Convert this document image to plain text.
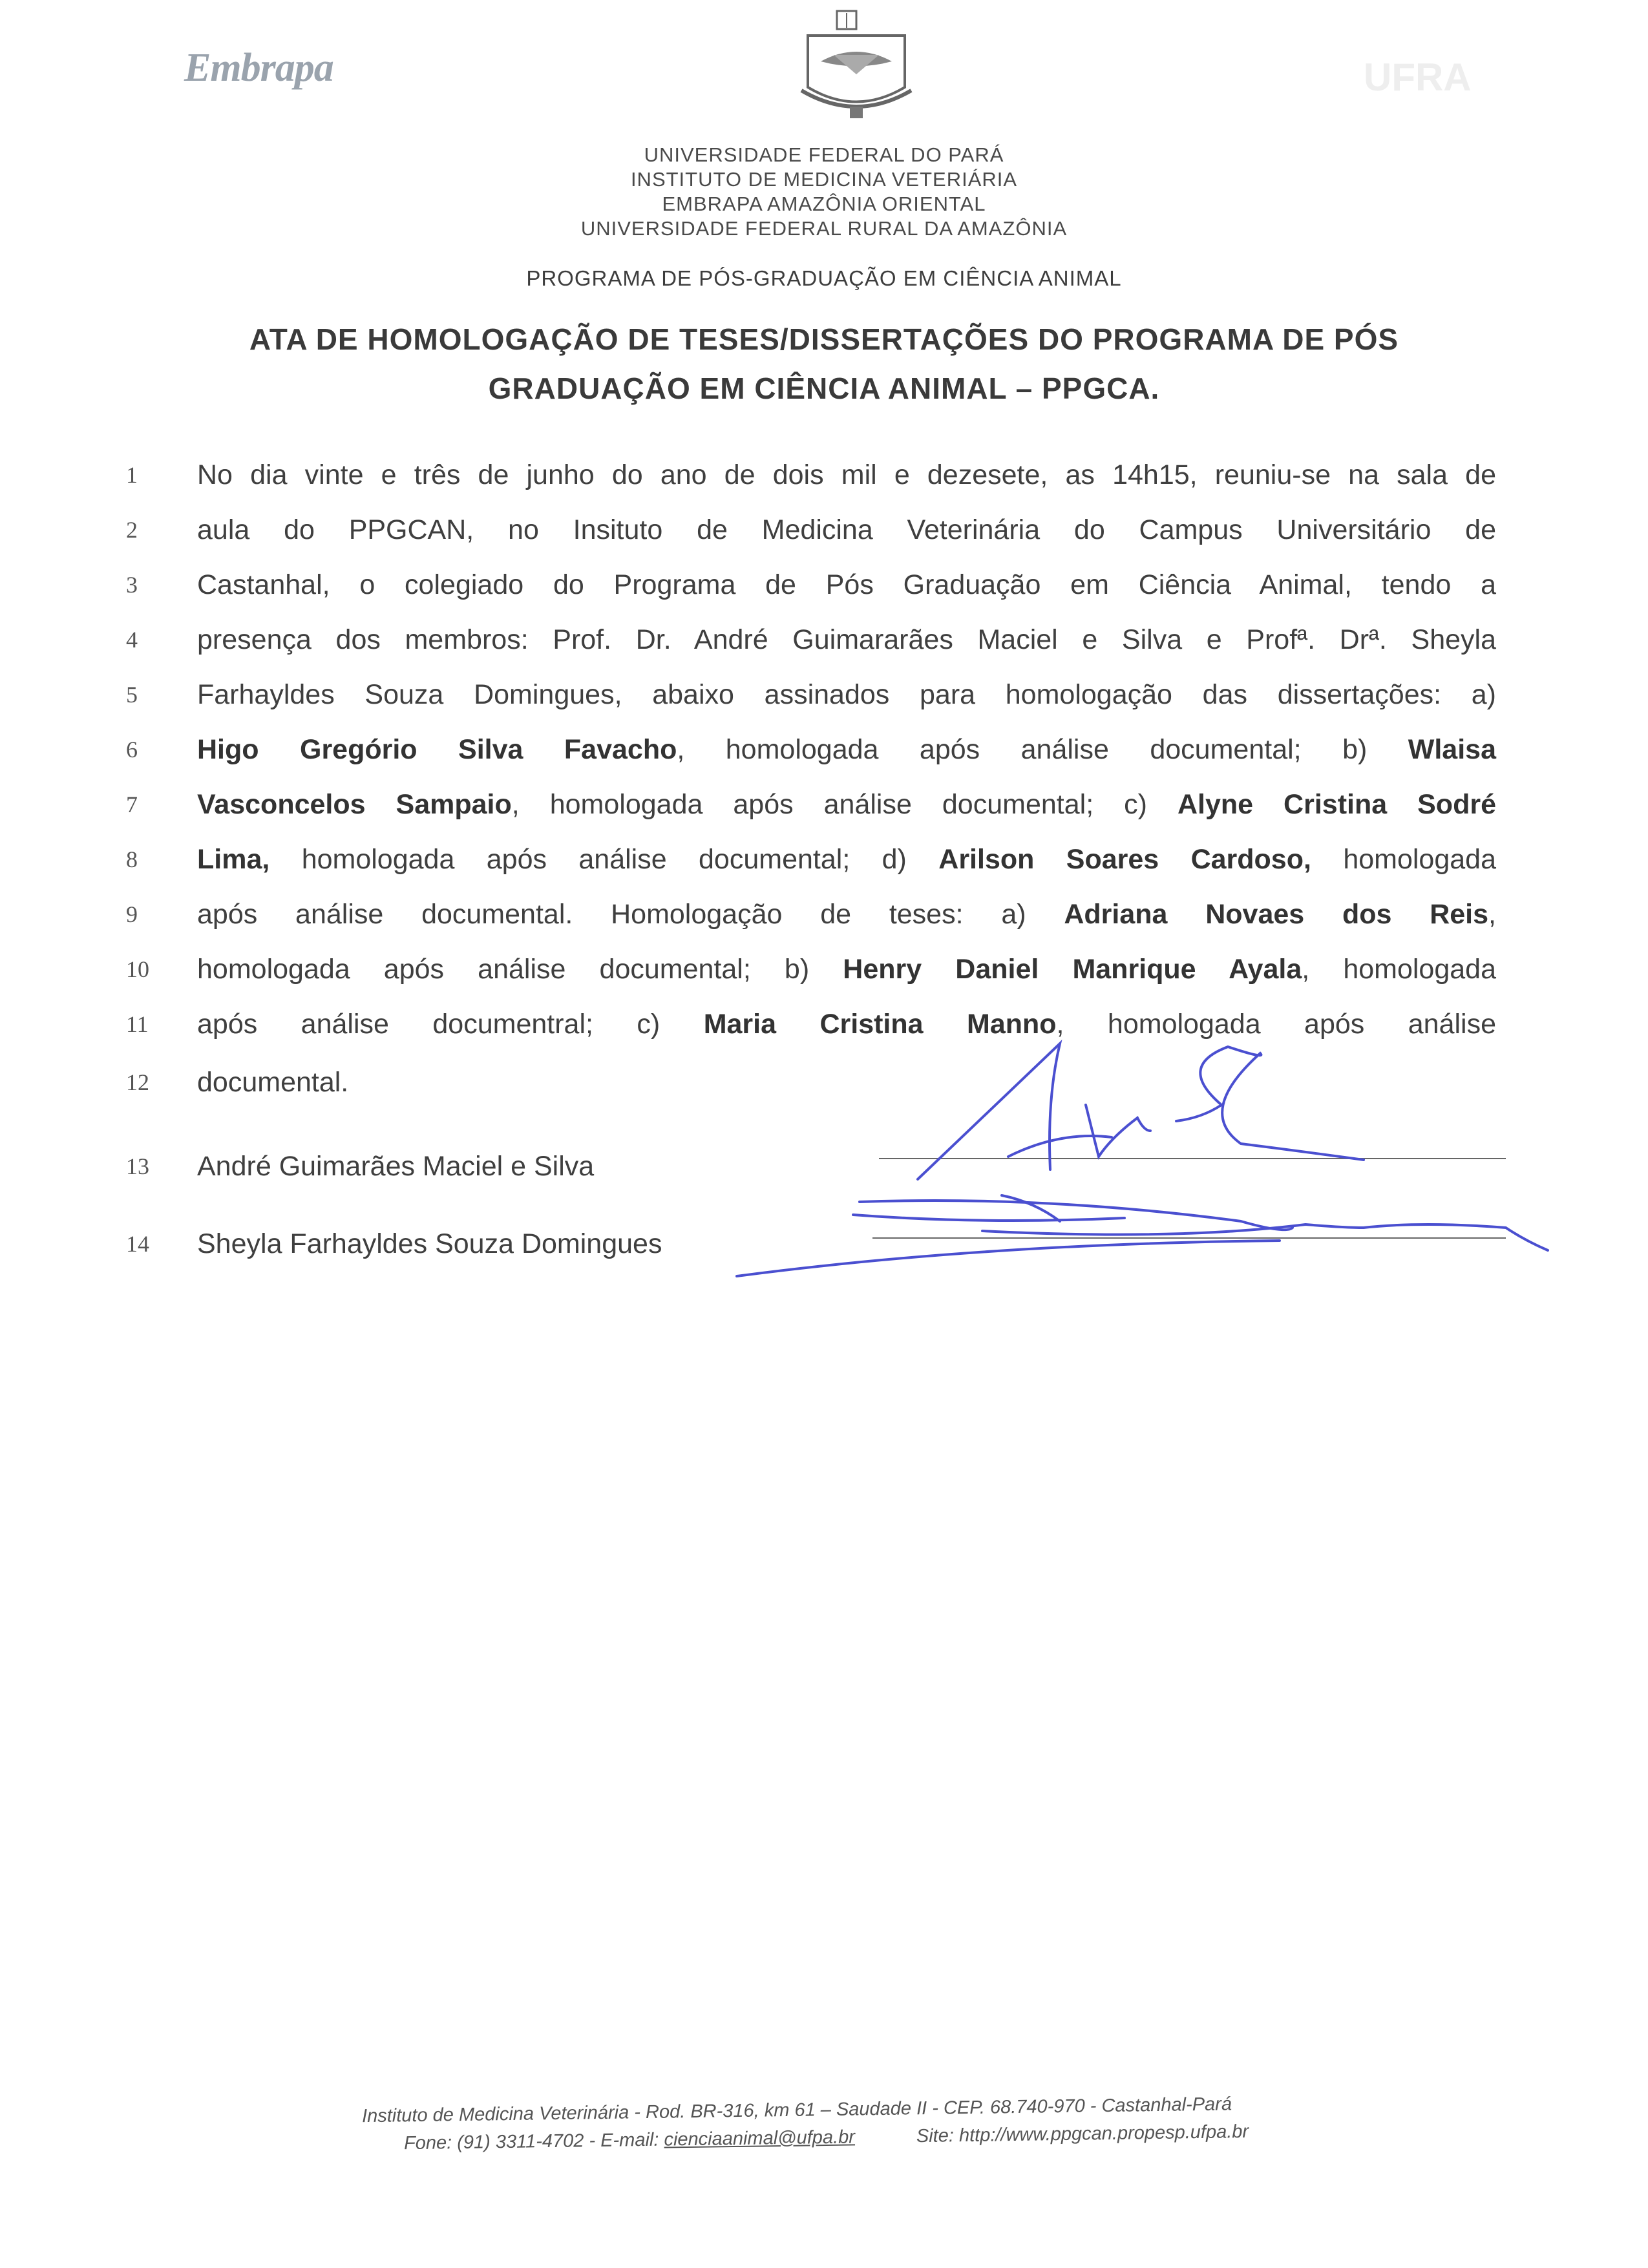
Embrapa	UFRA
UNIVERSIDADE FEDERAL DO PARÁ
INSTITUTO DE MEDICINA VETERIÁRIA
EMBRAPA AMAZÔNIA ORIENTAL
UNIVERSIDADE FEDERAL RURAL DA AMAZÔNIA
PROGRAMA DE PÓS-GRADUAÇÃO EM CIÊNCIA ANIMAL
ATA DE HOMOLOGAÇÃO DE TESES/DISSERTAÇÕES DO PROGRAMA DE PÓS
GRADUAÇÃO EM CIÊNCIA ANIMAL – PPGCA.
1 No dia vinte e três de junho do ano de dois mil e dezesete, as 14h15, reuniu-se na sala de
2 aula do PPGCAN, no Insituto de Medicina Veterinária do Campus Universitário de
3 Castanhal, o colegiado do Programa de Pós Graduação em Ciência Animal, tendo a
4 presença dos membros: Prof. Dr. André Guimararães Maciel e Silva e Profª. Drª. Sheyla
5 Farhayldes Souza Domingues, abaixo assinados para homologação das dissertações: a)
6 Higo Gregório Silva Favacho, homologada após análise documental; b) Wlaisa
7 Vasconcelos Sampaio, homologada após análise documental; c) Alyne Cristina Sodré
8 Lima, homologada após análise documental; d) Arilson Soares Cardoso, homologada
9 após análise documental. Homologação de teses: a) Adriana Novaes dos Reis,
10 homologada após análise documental; b) Henry Daniel Manrique Ayala, homologada
11 após análise documentral; c) Maria Cristina Manno, homologada após análise
12 documental.
13 André Guimarães Maciel e Silva
14 Sheyla Farhayldes Souza Domingues
Instituto de Medicina Veterinária - Rod. BR-316, km 61 – Saudade II - CEP. 68.740-970 - Castanhal-Pará
Fone: (91) 3311-4702 - E-mail: cienciaanimal@ufpa.br	Site: http://www.ppgcan.propesp.ufpa.br
